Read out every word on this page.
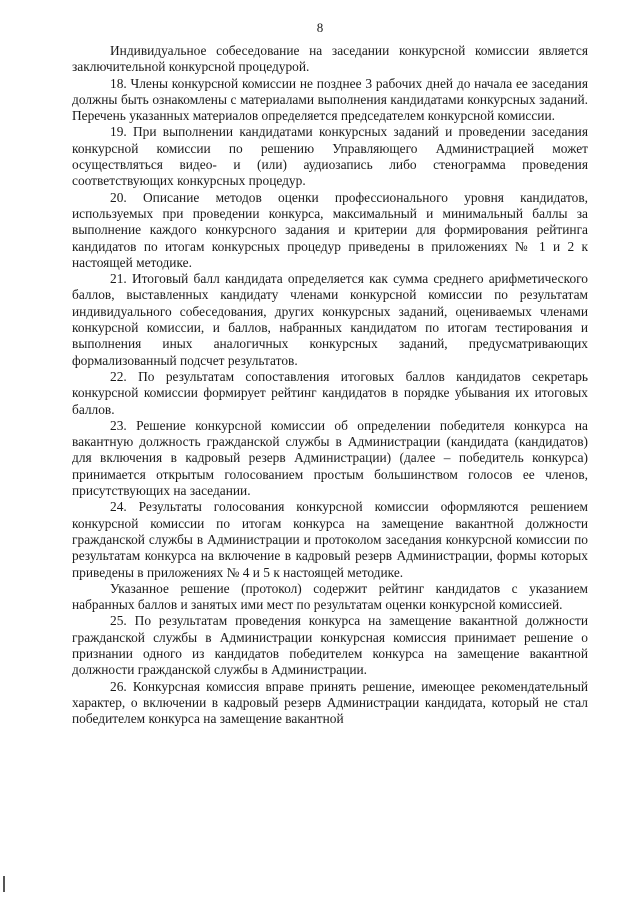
8

Индивидуальное собеседование на заседании конкурсной комиссии является заключительной конкурсной процедурой.

18. Члены конкурсной комиссии не позднее 3 рабочих дней до начала ее заседания должны быть ознакомлены с материалами выполнения кандидатами конкурсных заданий. Перечень указанных материалов определяется председателем конкурсной комиссии.

19. При выполнении кандидатами конкурсных заданий и проведении заседания конкурсной комиссии по решению Управляющего Администрацией может осуществляться видео- и (или) аудиозапись либо стенограмма проведения соответствующих конкурсных процедур.

20. Описание методов оценки профессионального уровня кандидатов, используемых при проведении конкурса, максимальный и минимальный баллы за выполнение каждого конкурсного задания и критерии для формирования рейтинга кандидатов по итогам конкурсных процедур приведены в приложениях № 1 и 2 к настоящей методике.

21. Итоговый балл кандидата определяется как сумма среднего арифметического баллов, выставленных кандидату членами конкурсной комиссии по результатам индивидуального собеседования, других конкурсных заданий, оцениваемых членами конкурсной комиссии, и баллов, набранных кандидатом по итогам тестирования и выполнения иных аналогичных конкурсных заданий, предусматривающих формализованный подсчет результатов.

22. По результатам сопоставления итоговых баллов кандидатов секретарь конкурсной комиссии формирует рейтинг кандидатов в порядке убывания их итоговых баллов.

23. Решение конкурсной комиссии об определении победителя конкурса на вакантную должность гражданской службы в Администрации (кандидата (кандидатов) для включения в кадровый резерв Администрации) (далее – победитель конкурса) принимается открытым голосованием простым большинством голосов ее членов, присутствующих на заседании.

24. Результаты голосования конкурсной комиссии оформляются решением конкурсной комиссии по итогам конкурса на замещение вакантной должности гражданской службы в Администрации и протоколом заседания конкурсной комиссии по результатам конкурса на включение в кадровый резерв Администрации, формы которых приведены в приложениях № 4 и 5 к настоящей методике.

Указанное решение (протокол) содержит рейтинг кандидатов с указанием набранных баллов и занятых ими мест по результатам оценки конкурсной комиссией.

25. По результатам проведения конкурса на замещение вакантной должности гражданской службы в Администрации конкурсная комиссия принимает решение о признании одного из кандидатов победителем конкурса на замещение вакантной должности гражданской службы в Администрации.

26. Конкурсная комиссия вправе принять решение, имеющее рекомендательный характер, о включении в кадровый резерв Администрации кандидата, который не стал победителем конкурса на замещение вакантной
